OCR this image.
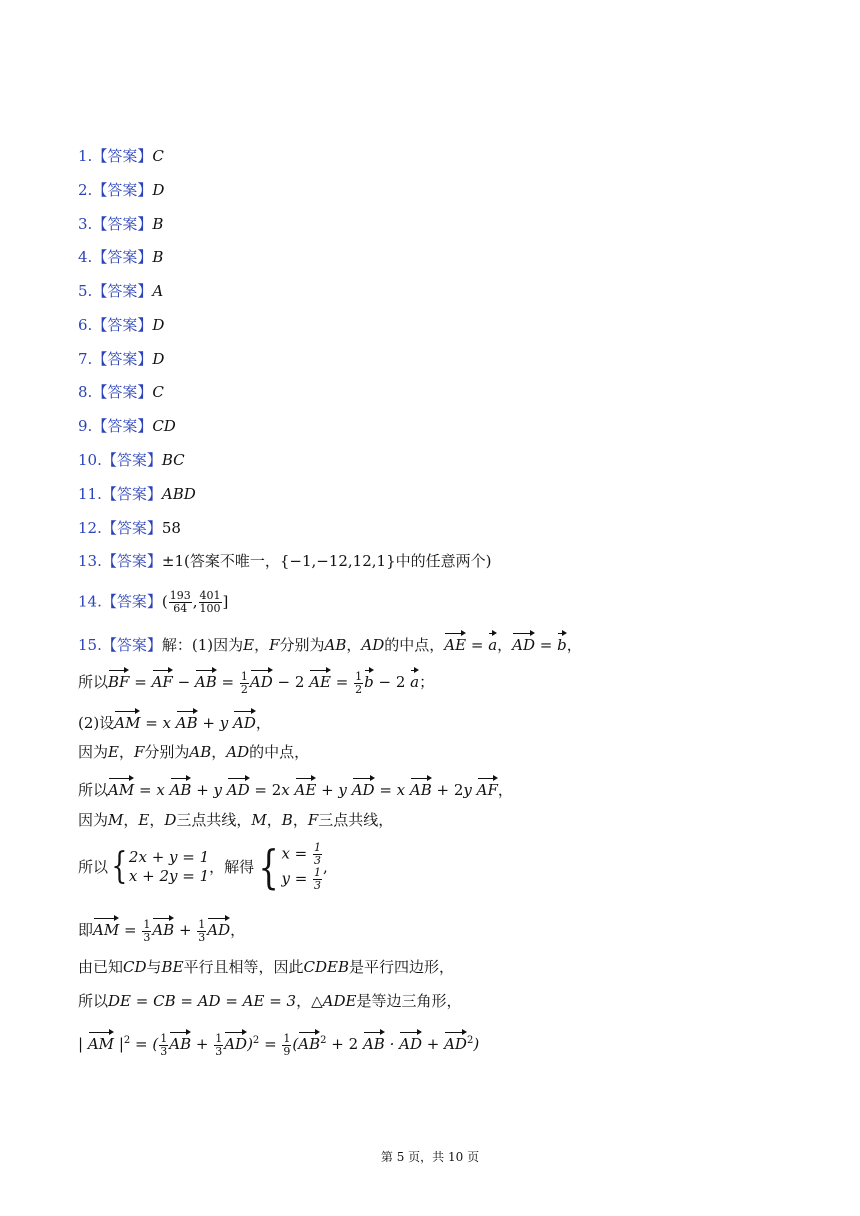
1.【答案】C
2.【答案】D
3.【答案】B
4.【答案】B
5.【答案】A
6.【答案】D
7.【答案】D
8.【答案】C
9.【答案】CD
10.【答案】BC
11.【答案】ABD
12.【答案】58
13.【答案】±1(答案不唯一，{−1,−12,12,1}中的任意两个)
14.【答案】( $\frac{193}{64}$ , $\frac{401}{100}$ ]
15.【答案】解：(1)因为E，F分别为AB，AD的中点，AE = a，AD = b，
所以BF = AF − AB = $\frac{1}{2}$ AD − 2 AE = $\frac{1}{2}$ b − 2 a；
(2)设AM = x AB + y AD，
因为E，F分别为AB，AD的中点，
所以AM = x AB + y AD = 2x AE + y AD = x AB + 2y AF，
因为M，E，D三点共线，M，B，F三点共线，
所以{ 2x + y = 1
x + 2y = 1 ，解得{ $x = \frac{1}{3}$
$y = \frac{1}{3}$ ,
即AM = $\frac{1}{3}$ AB + $\frac{1}{3}$ AD，
由已知CD与BE平行且相等，因此CDEB是平行四边形，
所以DE = CB = AD = AE = 3，△ADE是等边三角形，
| AM $|^2$ = ( $\frac{1}{3}$ AB + $\frac{1}{3} AD)^2 = \frac{1}{9} (AB^2 + 2$ AB · AD + $AD^2$)
第 5 页，共 10 页
